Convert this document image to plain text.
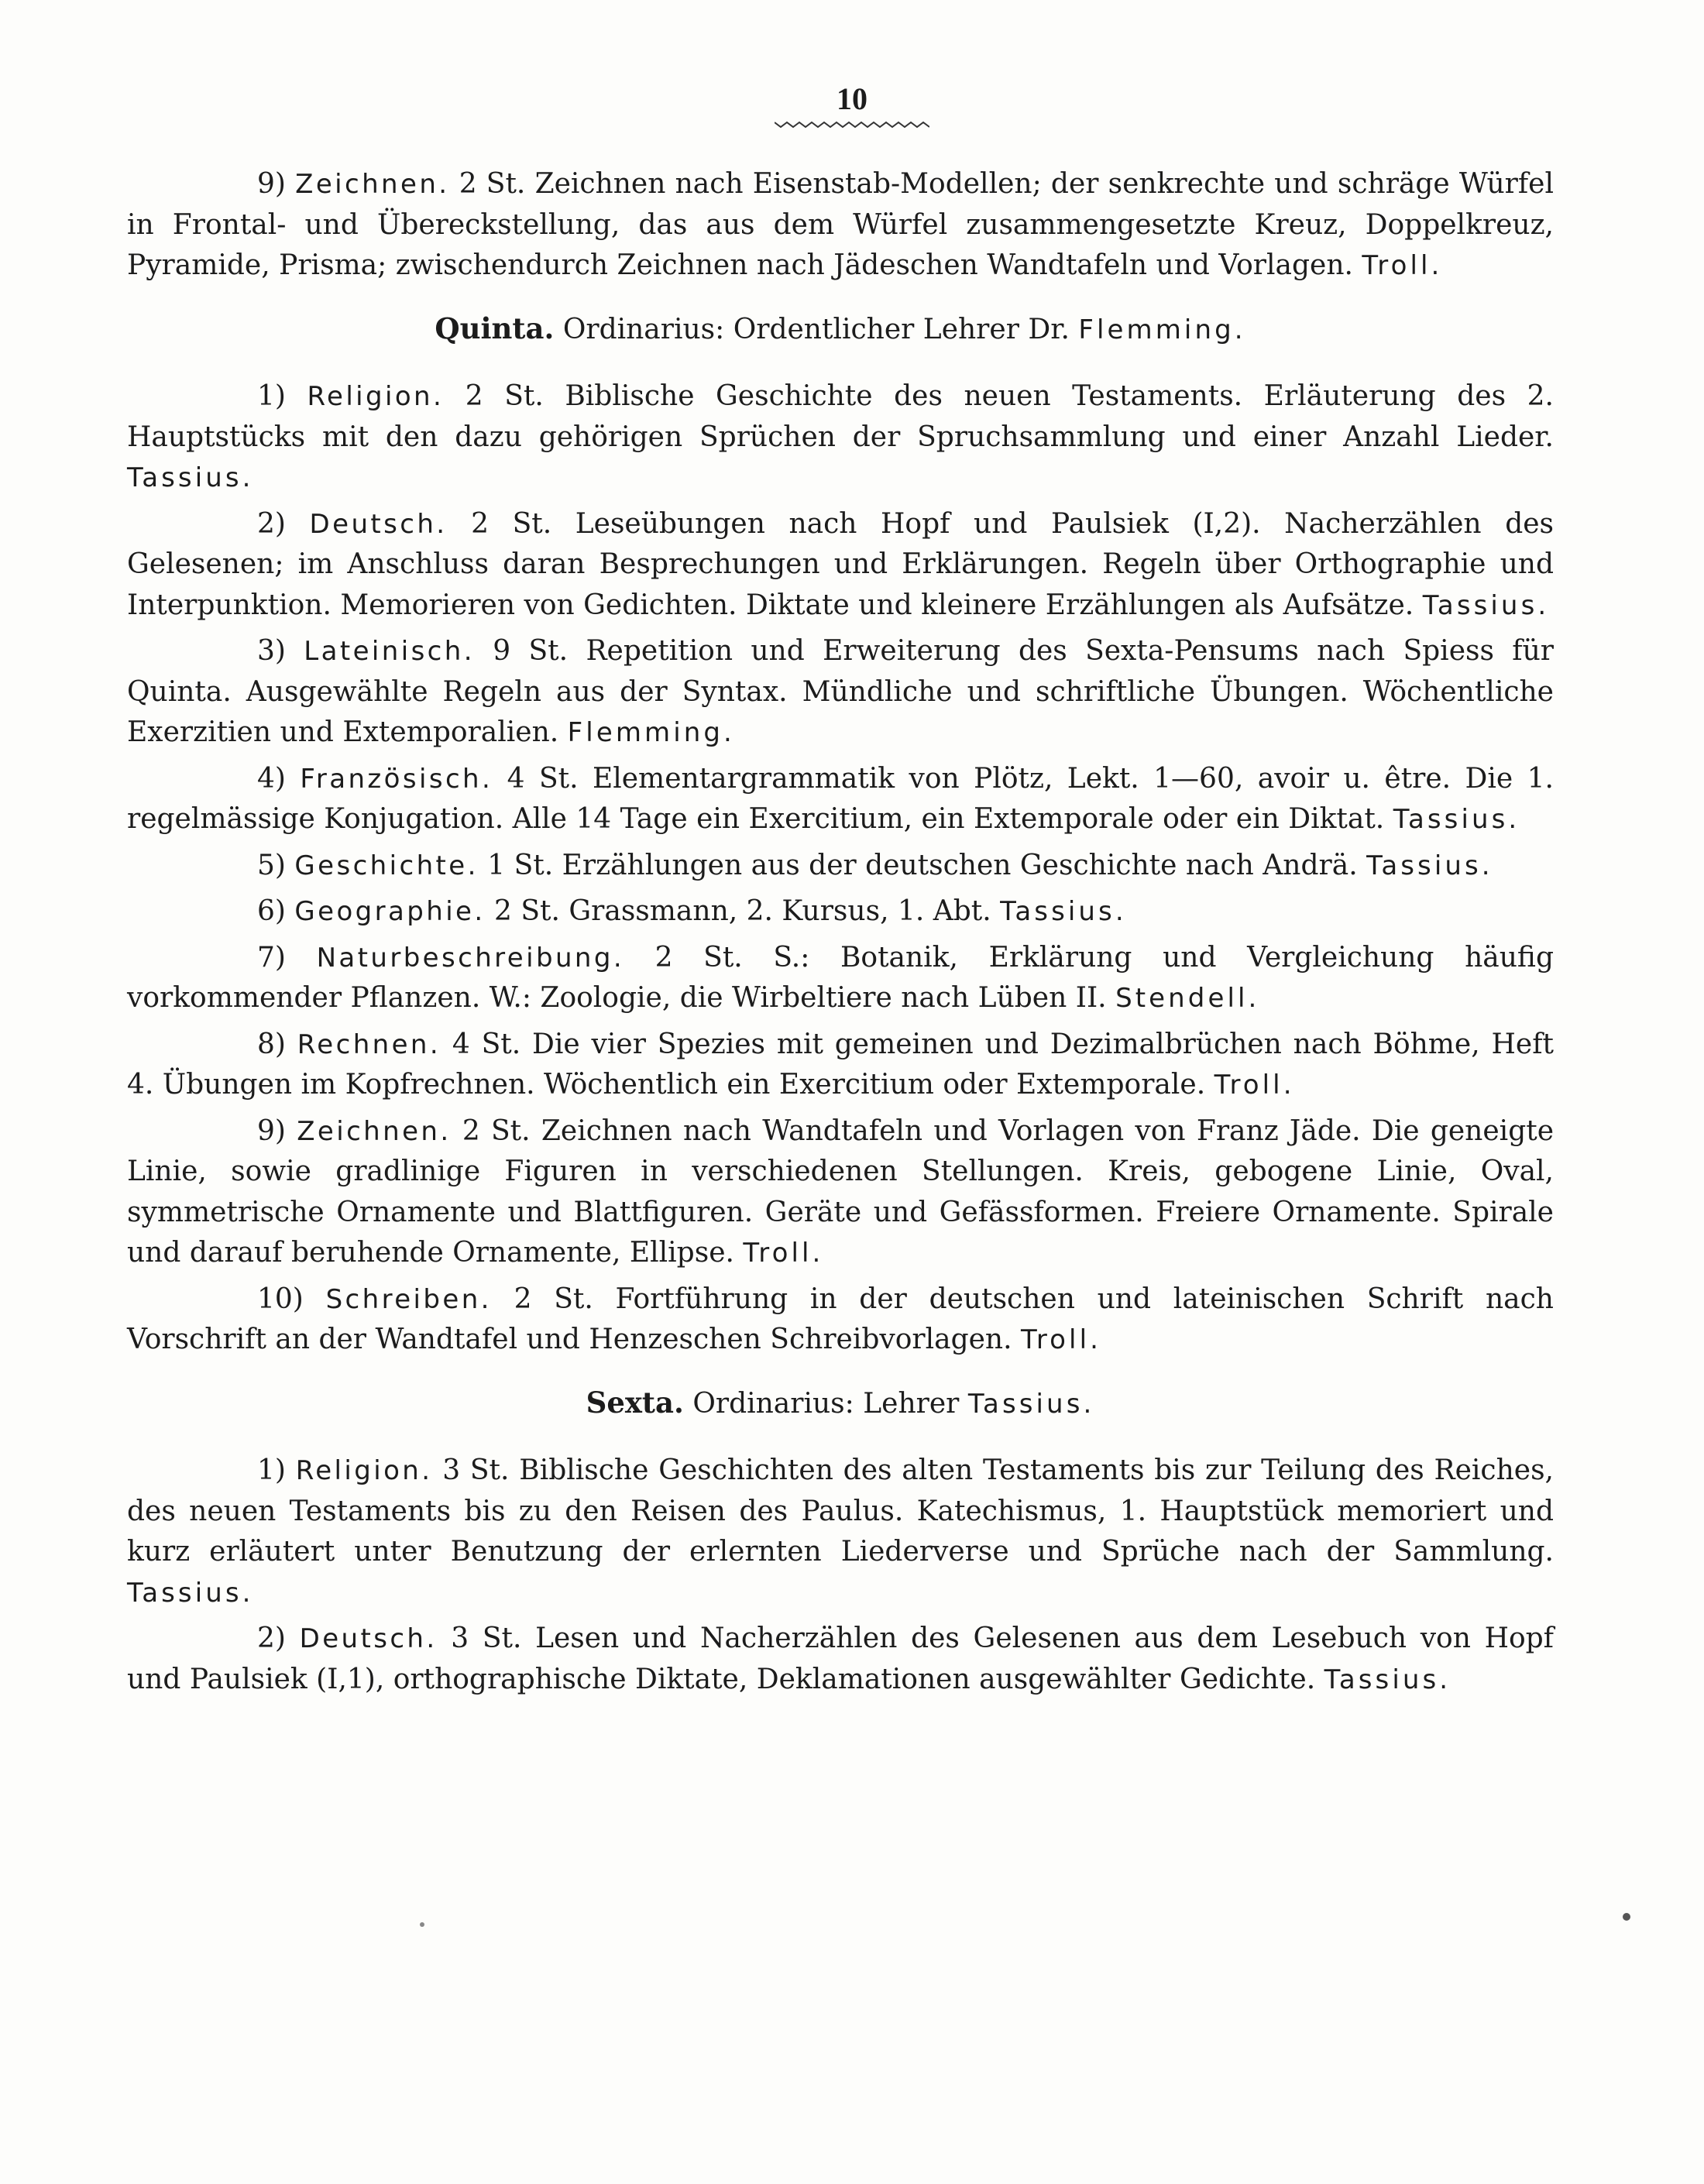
10

9) Zeichnen. 2 St. Zeichnen nach Eisenstab-Modellen; der senkrechte und schräge Würfel in Frontal- und Übereckstellung, das aus dem Würfel zusammengesetzte Kreuz, Doppelkreuz, Pyramide, Prisma; zwischendurch Zeichnen nach Jädeschen Wandtafeln und Vorlagen. Troll.

Quinta. Ordinarius: Ordentlicher Lehrer Dr. Flemming.

1) Religion. 2 St. Biblische Geschichte des neuen Testaments. Erläuterung des 2. Hauptstücks mit den dazu gehörigen Sprüchen der Spruchsammlung und einer Anzahl Lieder. Tassius.

2) Deutsch. 2 St. Leseübungen nach Hopf und Paulsiek (I,2). Nacherzählen des Gelesenen; im Anschluss daran Besprechungen und Erklärungen. Regeln über Orthographie und Interpunktion. Memorieren von Gedichten. Diktate und kleinere Erzählungen als Aufsätze. Tassius.

3) Lateinisch. 9 St. Repetition und Erweiterung des Sexta-Pensums nach Spiess für Quinta. Ausgewählte Regeln aus der Syntax. Mündliche und schriftliche Übungen. Wöchentliche Exerzitien und Extemporalien. Flemming.

4) Französisch. 4 St. Elementargrammatik von Plötz, Lekt. 1—60, avoir u. être. Die 1. regelmässige Konjugation. Alle 14 Tage ein Exercitium, ein Extemporale oder ein Diktat. Tassius.

5) Geschichte. 1 St. Erzählungen aus der deutschen Geschichte nach Andrä. Tassius.

6) Geographie. 2 St. Grassmann, 2. Kursus, 1. Abt. Tassius.

7) Naturbeschreibung. 2 St. S.: Botanik, Erklärung und Vergleichung häufig vorkommender Pflanzen. W.: Zoologie, die Wirbeltiere nach Lüben II. Stendell.

8) Rechnen. 4 St. Die vier Spezies mit gemeinen und Dezimalbrüchen nach Böhme, Heft 4. Übungen im Kopfrechnen. Wöchentlich ein Exercitium oder Extemporale. Troll.

9) Zeichnen. 2 St. Zeichnen nach Wandtafeln und Vorlagen von Franz Jäde. Die geneigte Linie, sowie gradlinige Figuren in verschiedenen Stellungen. Kreis, gebogene Linie, Oval, symmetrische Ornamente und Blattfiguren. Geräte und Gefässformen. Freiere Ornamente. Spirale und darauf beruhende Ornamente, Ellipse. Troll.

10) Schreiben. 2 St. Fortführung in der deutschen und lateinischen Schrift nach Vorschrift an der Wandtafel und Henzeschen Schreibvorlagen. Troll.

Sexta. Ordinarius: Lehrer Tassius.

1) Religion. 3 St. Biblische Geschichten des alten Testaments bis zur Teilung des Reiches, des neuen Testaments bis zu den Reisen des Paulus. Katechismus, 1. Hauptstück memoriert und kurz erläutert unter Benutzung der erlernten Liederverse und Sprüche nach der Sammlung. Tassius.

2) Deutsch. 3 St. Lesen und Nacherzählen des Gelesenen aus dem Lesebuch von Hopf und Paulsiek (I,1), orthographische Diktate, Deklamationen ausgewählter Gedichte. Tassius.
